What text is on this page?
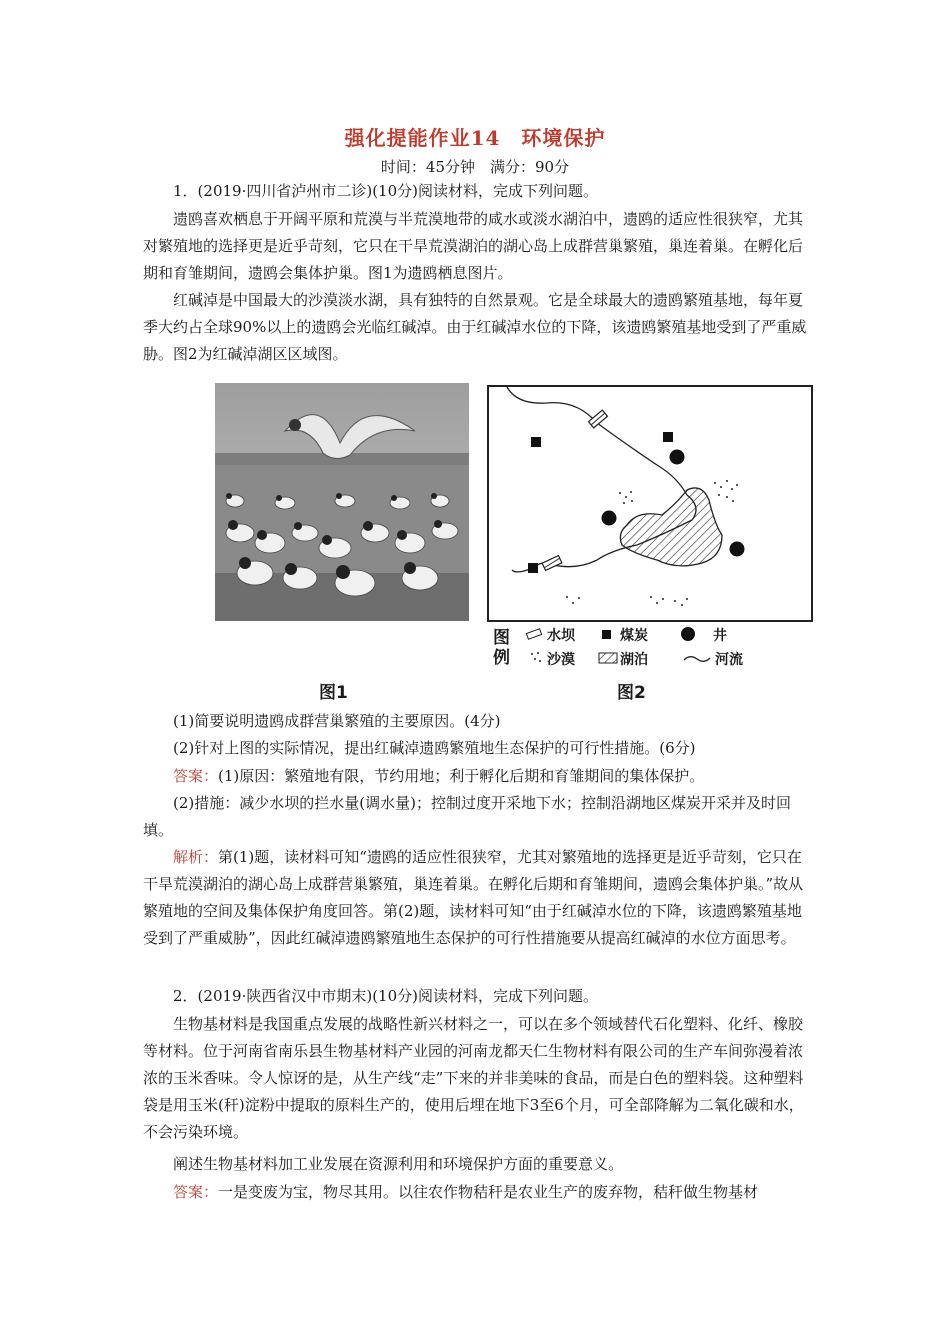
强化提能作业14　环境保护
时间：45分钟　满分：90分

1．(2019·四川省泸州市二诊)(10分)阅读材料，完成下列问题。

遗鸥喜欢栖息于开阔平原和荒漠与半荒漠地带的咸水或淡水湖泊中，遗鸥的适应性很狭窄，尤其对繁殖地的选择更是近乎苛刻，它只在干旱荒漠湖泊的湖心岛上成群营巢繁殖，巢连着巢。在孵化后期和育雏期间，遗鸥会集体护巢。图1为遗鸥栖息图片。

红碱淖是中国最大的沙漠淡水湖，具有独特的自然景观。它是全球最大的遗鸥繁殖基地，每年夏季大约占全球90%以上的遗鸥会光临红碱淖。由于红碱淖水位的下降，该遗鸥繁殖基地受到了严重威胁。图2为红碱淖湖区区域图。

图
例
水坝	煤炭	井
沙漠	湖泊	河流
图1	图2

(1)简要说明遗鸥成群营巢繁殖的主要原因。(4分)

(2)针对上图的实际情况，提出红碱淖遗鸥繁殖地生态保护的可行性措施。(6分)

答案：(1)原因：繁殖地有限，节约用地；利于孵化后期和育雏期间的集体保护。

(2)措施：减少水坝的拦水量(调水量)；控制过度开采地下水；控制沿湖地区煤炭开采并及时回填。

解析：第(1)题，读材料可知“遗鸥的适应性很狭窄，尤其对繁殖地的选择更是近乎苛刻，它只在干旱荒漠湖泊的湖心岛上成群营巢繁殖，巢连着巢。在孵化后期和育雏期间，遗鸥会集体护巢。”故从繁殖地的空间及集体保护角度回答。第(2)题，读材料可知“由于红碱淖水位的下降，该遗鸥繁殖基地受到了严重威胁”，因此红碱淖遗鸥繁殖地生态保护的可行性措施要从提高红碱淖的水位方面思考。

2．(2019·陕西省汉中市期末)(10分)阅读材料，完成下列问题。

生物基材料是我国重点发展的战略性新兴材料之一，可以在多个领域替代石化塑料、化纤、橡胶等材料。位于河南省南乐县生物基材料产业园的河南龙都天仁生物材料有限公司的生产车间弥漫着浓浓的玉米香味。令人惊讶的是，从生产线“走”下来的并非美味的食品，而是白色的塑料袋。这种塑料袋是用玉米(秆)淀粉中提取的原料生产的，使用后埋在地下3至6个月，可全部降解为二氧化碳和水，不会污染环境。

阐述生物基材料加工业发展在资源利用和环境保护方面的重要意义。

答案：一是变废为宝，物尽其用。以往农作物秸秆是农业生产的废弃物，秸秆做生物基材
